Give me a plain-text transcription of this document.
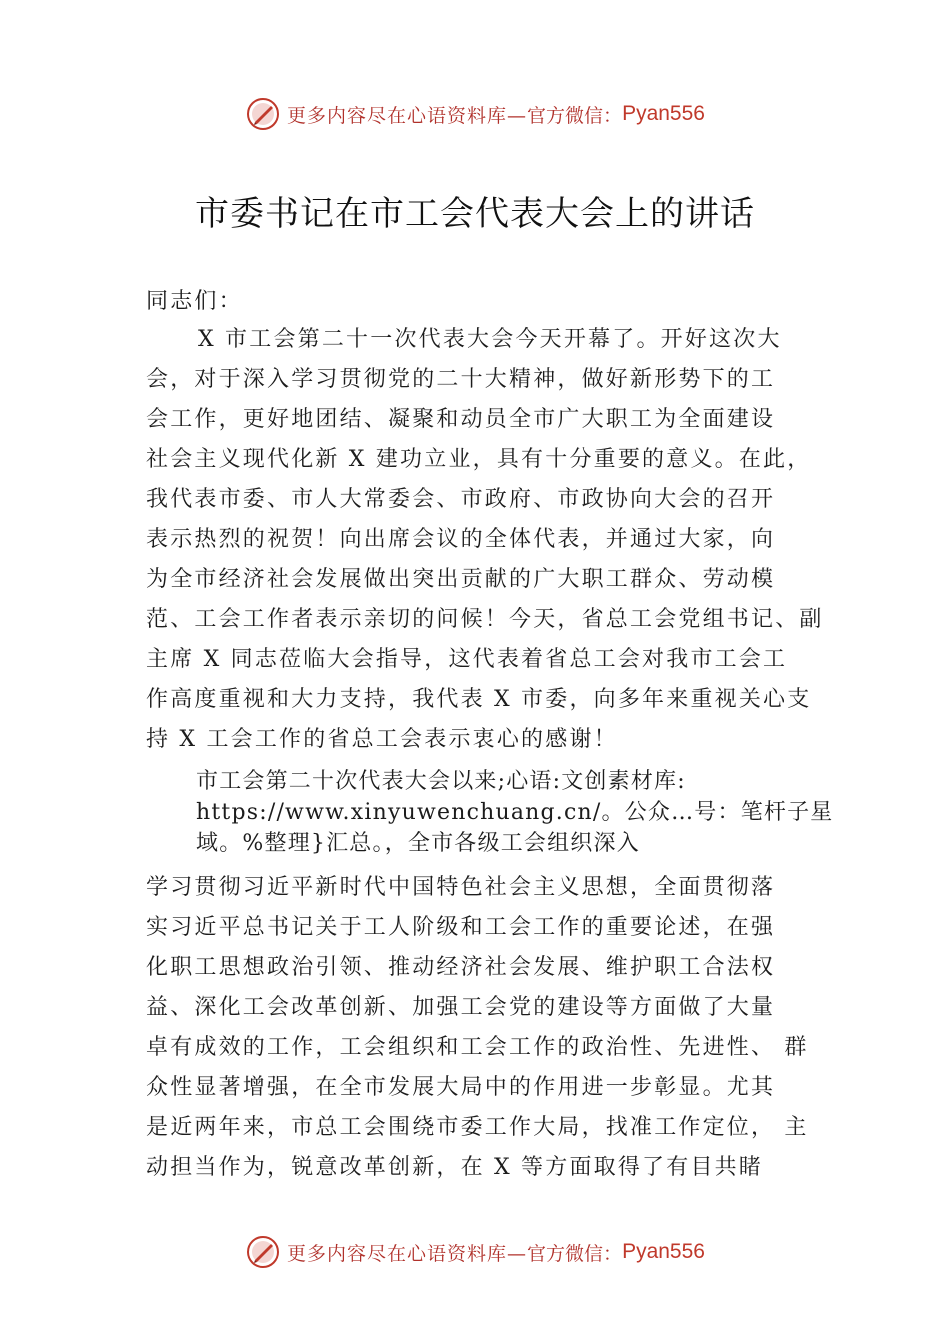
更多内容尽在心语资料库— 官方微信： Pyan556
市委书记在市工会代表大会上的讲话
同志们：
X 市工会第二十一次代表大会今天开幕了。开好这次大
会，对于深入学习贯彻党的二十大精神，做好新形势下的工
会工作，更好地团结、凝聚和动员全市广大职工为全面建设
社会主义现代化新 X 建功立业，具有十分重要的意义。在此，
我代表市委、市人大常委会、市政府、市政协向大会的召开
表示热烈的祝贺！向出席会议的全体代表，并通过大家，向
为全市经济社会发展做出突出贡献的广大职工群众、劳动模
范、工会工作者表示亲切的问候！今天，省总工会党组书记、副
主席 X 同志莅临大会指导，这代表着省总工会对我市工会工
作高度重视和大力支持，我代表 X 市委，向多年来重视关心支
持 X 工会工作的省总工会表示衷心的感谢！
市工会第二十次代表大会以来;心语:文创素材库:
https://www.xinyuwenchuang.cn/。公众…号：笔杆子星
域。%整理}汇总。，全市各级工会组织深入
学习贯彻习近平新时代中国特色社会主义思想，全面贯彻落
实习近平总书记关于工人阶级和工会工作的重要论述，在强
化职工思想政治引领、推动经济社会发展、维护职工合法权
益、深化工会改革创新、加强工会党的建设等方面做了大量
卓有成效的工作，工会组织和工会工作的政治性、先进性、 群
众性显著增强，在全市发展大局中的作用进一步彰显。尤其
是近两年来，市总工会围绕市委工作大局，找准工作定位， 主
动担当作为，锐意改革创新，在 X 等方面取得了有目共睹
更多内容尽在心语资料库— 官方微信： Pyan556
